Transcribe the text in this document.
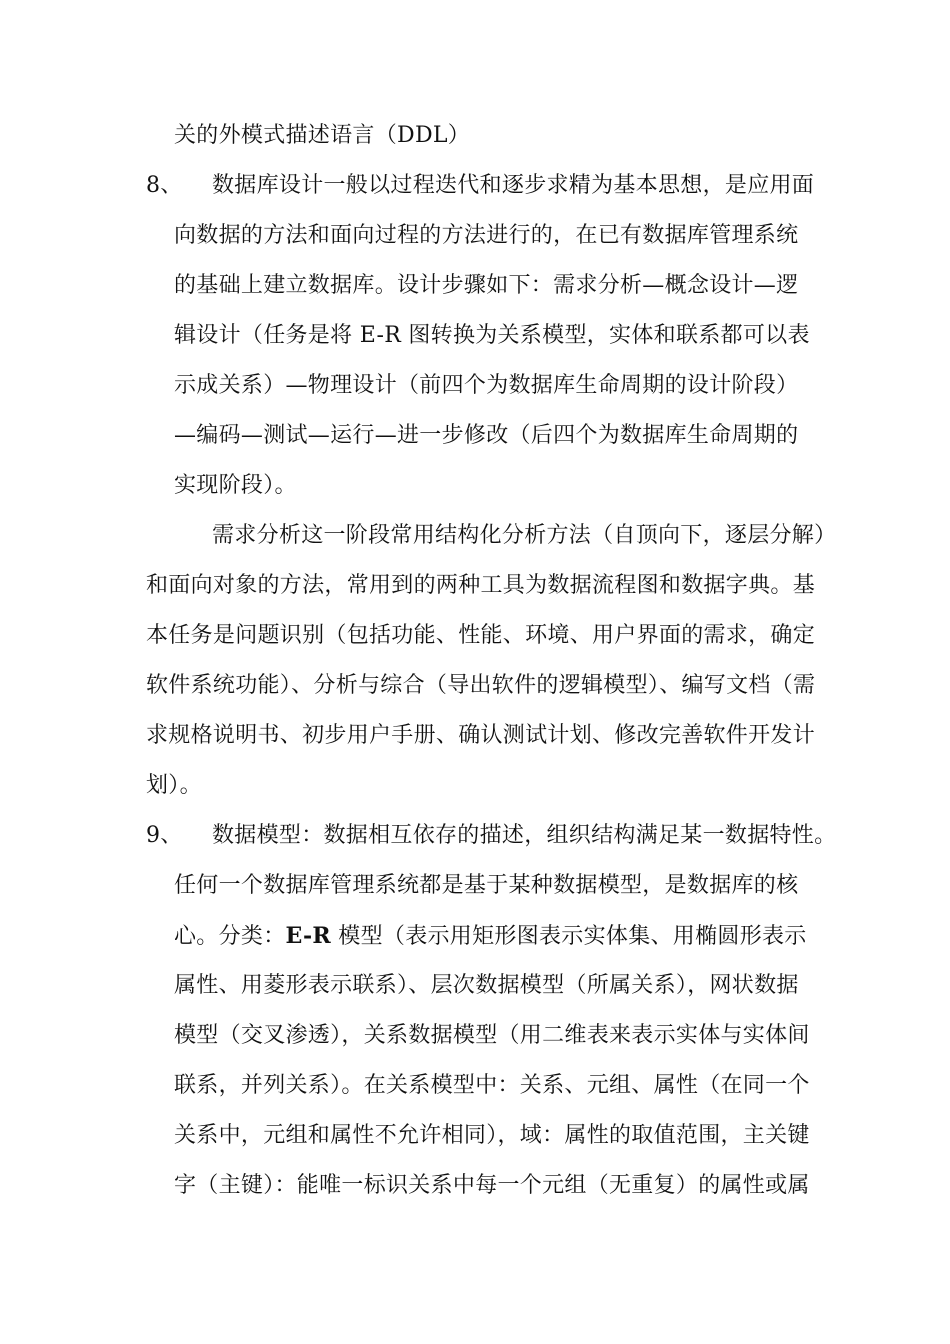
关的外模式描述语言（DDL）
8、 数据库设计一般以过程迭代和逐步求精为基本思想，是应用面
向数据的方法和面向过程的方法进行的，在已有数据库管理系统
的基础上建立数据库。设计步骤如下：需求分析—概念设计—逻
辑设计（任务是将 E-R 图转换为关系模型，实体和联系都可以表
示成关系）—物理设计（前四个为数据库生命周期的设计阶段）
—编码—测试—运行—进一步修改（后四个为数据库生命周期的
实现阶段）。
需求分析这一阶段常用结构化分析方法（自顶向下，逐层分解）
和面向对象的方法，常用到的两种工具为数据流程图和数据字典。基
本任务是问题识别（包括功能、性能、环境、用户界面的需求，确定
软件系统功能）、分析与综合（导出软件的逻辑模型）、编写文档（需
求规格说明书、初步用户手册、确认测试计划、修改完善软件开发计
划）。
9、 数据模型：数据相互依存的描述，组织结构满足某一数据特性。
任何一个数据库管理系统都是基于某种数据模型，是数据库的核
心。分类：E-R 模型（表示用矩形图表示实体集、用椭圆形表示
属性、用菱形表示联系）、层次数据模型（所属关系），网状数据
模型（交叉渗透），关系数据模型（用二维表来表示实体与实体间
联系，并列关系）。在关系模型中：关系、元组、属性（在同一个
关系中，元组和属性不允许相同），域：属性的取值范围，主关键
字（主键）：能唯一标识关系中每一个元组（无重复）的属性或属
